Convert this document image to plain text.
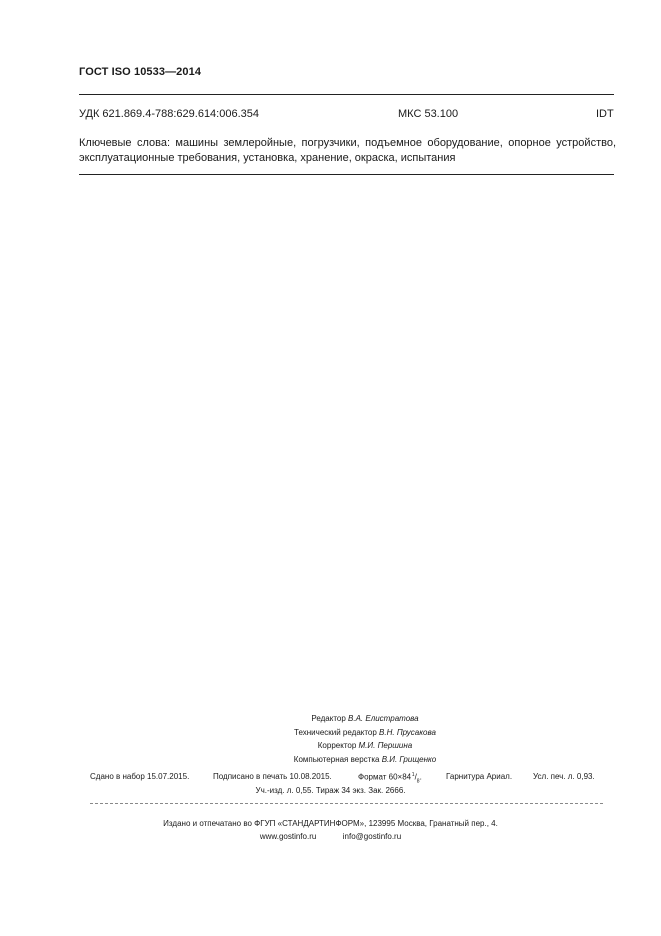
ГОСТ ISO 10533—2014
УДК 621.869.4-788:629.614:006.354	МКС 53.100	IDT
Ключевые слова: машины землеройные, погрузчики, подъемное оборудование, опорное устройство, эксплуатационные требования, установка, хранение, окраска, испытания
Редактор В.А. Елистратова
Технический редактор В.Н. Прусакова
Корректор М.И. Першина
Компьютерная верстка В.И. Грищенко
Сдано в набор 15.07.2015.	Подписано в печать 10.08.2015.	Формат 60×84 $^1/_8$.	Гарнитура Ариал.	Усл. печ. л. 0,93.
Уч.-изд. л. 0,55. Тираж 34 экз. Зак. 2666.
Издано и отпечатано во ФГУП «СТАНДАРТИНФОРМ», 123995 Москва, Гранатный пер., 4.
www.gostinfo.ru	info@gostinfo.ru
